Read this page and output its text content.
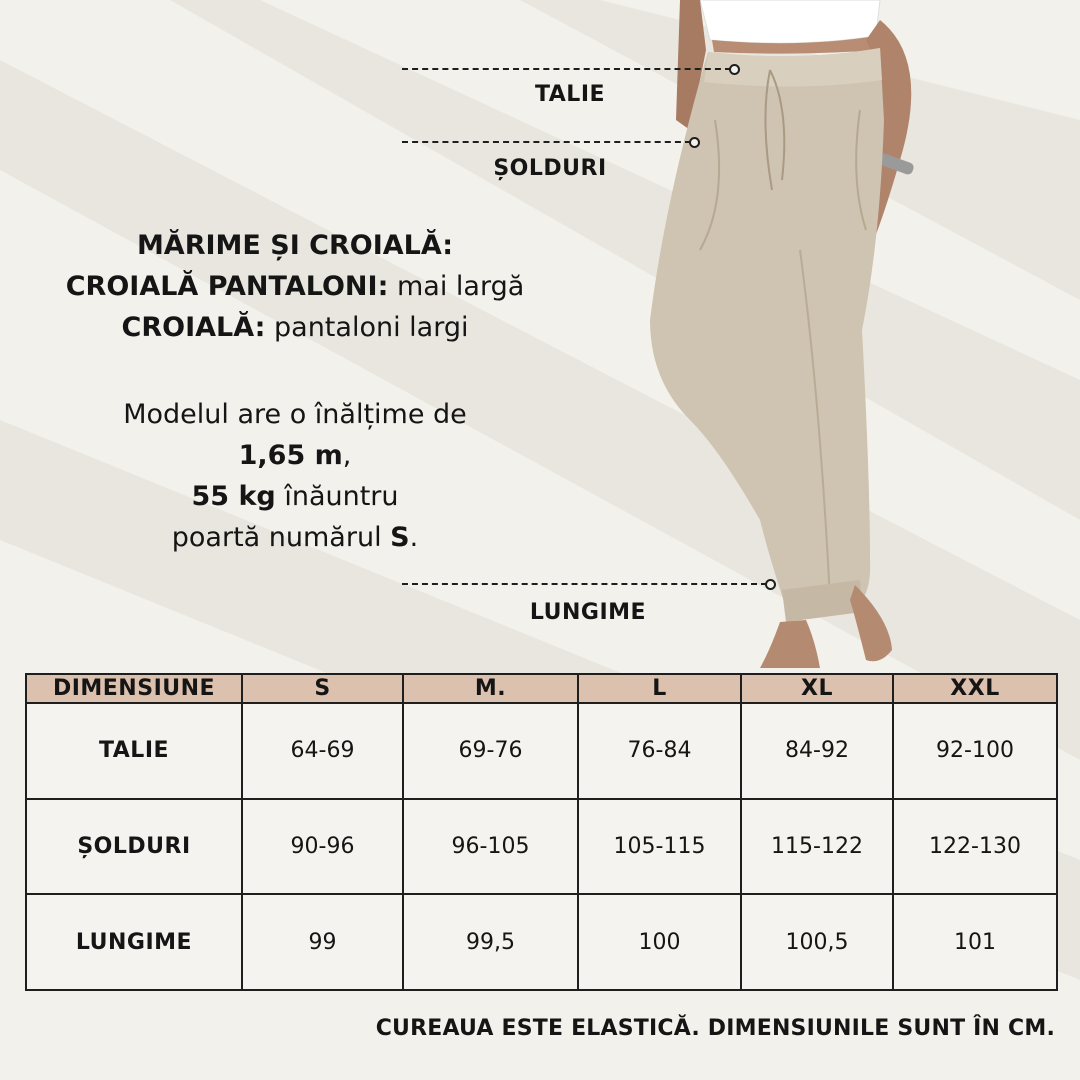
TALIE
ȘOLDURI
LUNGIME
MĂRIME ȘI CROIALĂ:
CROIALĂ PANTALONI: mai largă
CROIALĂ: pantaloni largi
Modelul are o înălțime de
1,65 m,
55 kg înăuntru
poartă numărul S.
DIMENSIUNE	S	M.	L	XL	XXL
TALIE	64-69	69-76	76-84	84-92	92-100
ȘOLDURI	90-96	96-105	105-115	115-122	122-130
LUNGIME	99	99,5	100	100,5	101
CUREAUA ESTE ELASTICĂ. DIMENSIUNILE SUNT ÎN CM.
